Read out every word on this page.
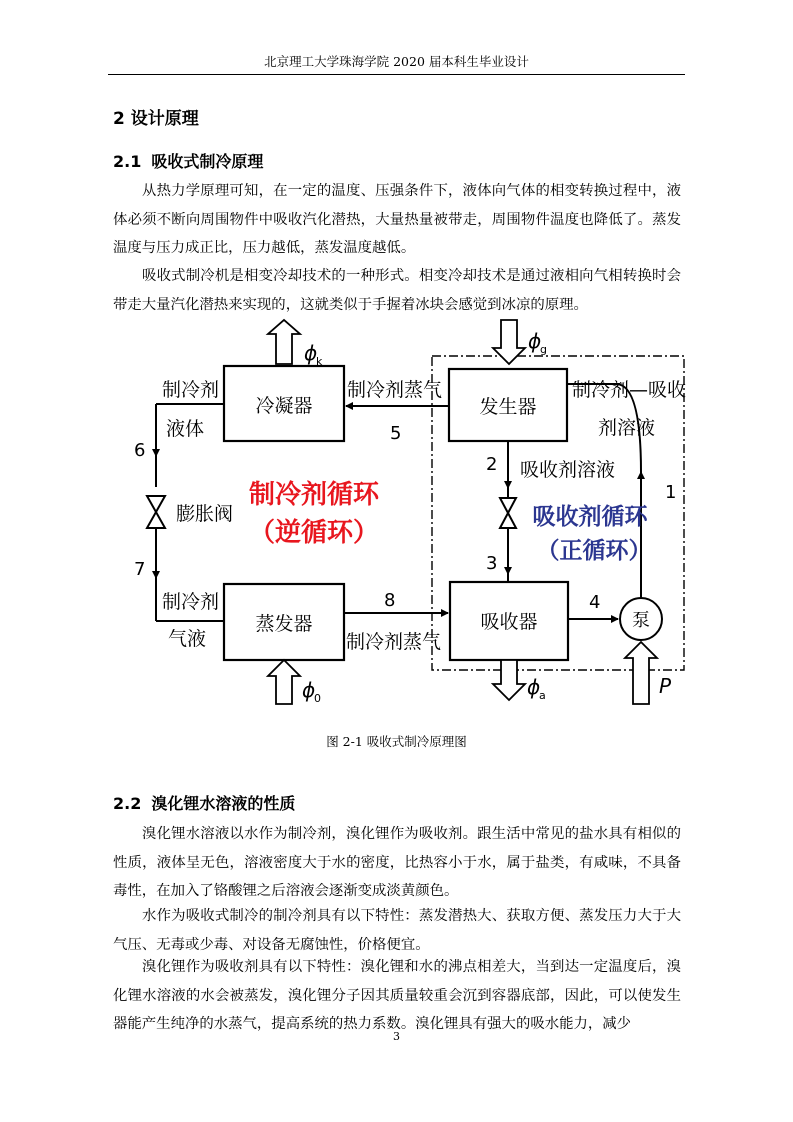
北京理工大学珠海学院 2020 届本科生毕业设计
2 设计原理
2.1 吸收式制冷原理

从热力学原理可知，在一定的温度、压强条件下，液体向气体的相变转换过程中，液体必须不断向周围物件中吸收汽化潜热，大量热量被带走，周围物件温度也降低了。蒸发温度与压力成正比，压力越低，蒸发温度越低。

吸收式制冷机是相变冷却技术的一种形式。相变冷却技术是通过液相向气相转换时会带走大量汽化潜热来实现的，这就类似于手握着冰块会感觉到冰凉的原理。

冷凝器	发生器
蒸发器	吸收器	泵
ϕ
k
ϕ
g
ϕ
0	ϕ
a	P
制冷剂
液体
制冷剂蒸气	制冷剂—吸收
剂溶液
吸收剂溶液
膨胀阀
制冷剂
气液	制冷剂蒸气
制冷剂循环
（逆循环）
吸收剂循环
（正循环）
1
2
3
4
5
6
7
8
图 2-1 吸收式制冷原理图
2.2 溴化锂水溶液的性质

溴化锂水溶液以水作为制冷剂，溴化锂作为吸收剂。跟生活中常见的盐水具有相似的性质，液体呈无色，溶液密度大于水的密度，比热容小于水，属于盐类，有咸味，不具备毒性，在加入了铬酸锂之后溶液会逐渐变成淡黄颜色。

水作为吸收式制冷的制冷剂具有以下特性：蒸发潜热大、获取方便、蒸发压力大于大气压、无毒或少毒、对设备无腐蚀性，价格便宜。

溴化锂作为吸收剂具有以下特性：溴化锂和水的沸点相差大，当到达一定温度后，溴化锂水溶液的水会被蒸发，溴化锂分子因其质量较重会沉到容器底部，因此，可以使发生器能产生纯净的水蒸气，提高系统的热力系数。溴化锂具有强大的吸水能力，减少

3
